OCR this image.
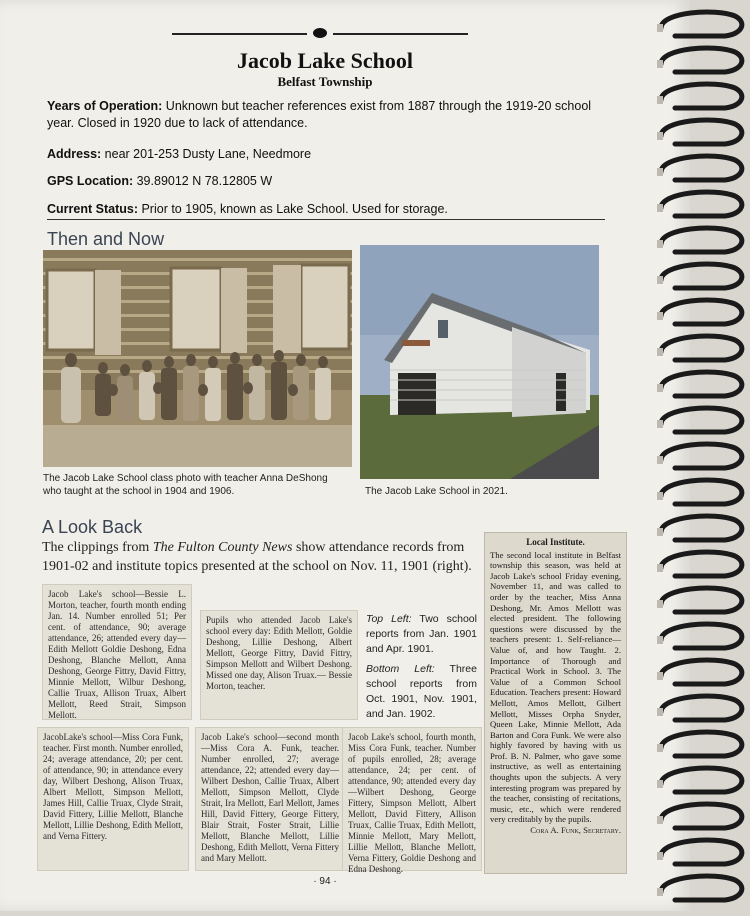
Jacob Lake School
Belfast Township
Years of Operation: Unknown but teacher references exist from 1887 through the 1919-20 school year. Closed in 1920 due to lack of attendance.
Address: near 201-253 Dusty Lane, Needmore
GPS Location: 39.89012 N 78.12805 W
Current Status: Prior to 1905, known as Lake School. Used for storage.
Then and Now
The Jacob Lake School class photo with teacher Anna DeShong who taught at the school in 1904 and 1906.	The Jacob Lake School in 2021.
A Look Back
The clippings from The Fulton County News show attendance records from 1901-02 and institute topics presented at the school on Nov. 11, 1901 (right).
Jacob Lake's school—Bessie L. Morton, teacher, fourth month ending Jan. 14. Number enrolled 51; Per cent. of attendance, 90; average attendance, 26; attended every day—Edith Mellott Goldie Deshong, Edna Deshong, Blanche Mellott, Anna Deshong, George Fittry, David Fittry, Minnie Mellott, Wilbur Deshong, Callie Truax, Allison Truax, Albert Mellott, Reed Strait, Simpson Mellott.
Pupils who attended Jacob Lake's school every day: Edith Mellott, Goldie Deshong, Lillie Deshong, Albert Mellott, George Fittry, David Fittry, Simpson Mellott and Wilbert Deshong. Missed one day, Alison Truax.— Bessie Morton, teacher.
Top Left: Two school reports from Jan. 1901 and Apr. 1901.
Bottom Left: Three school reports from Oct. 1901, Nov. 1901, and Jan. 1902.
JacobLake's school—Miss Cora Funk, teacher. First month. Number enrolled, 24; average attendance, 20; per cent. of attendance, 90; in attendance every day, Wilbert Deshong, Alison Truax, Albert Mellott, Simpson Mellott, James Hill, Callie Truax, Clyde Strait, David Fittery, Lillie Mellott, Blanche Mellott, Lillie Deshong, Edith Mellott, and Verna Fittery.
Jacob Lake's school—second month—Miss Cora A. Funk, teacher. Number enrolled, 27; average attendance, 22; attended every day—Wilbert Deshon, Callie Truax, Albert Mellott, Simpson Mellott, Clyde Strait, Ira Mellott, Earl Mellott, James Hill, David Fittery, George Fittery, Blair Strait, Foster Strait, Lillie Mellott, Blanche Mellott, Lillie Deshong, Edith Mellott, Verna Fittery and Mary Mellott.
Jacob Lake's school, fourth month, Miss Cora Funk, teacher. Number of pupils enrolled, 28; average attendance, 24; per cent. of attendance, 90; attended every day—Wilbert Deshong, George Fittery, Simpson Mellott, Albert Mellott, David Fittery, Allison Truax, Callie Truax, Edith Mellott, Minnie Mellott, Mary Mellott, Lillie Mellott, Blanche Mellott, Verna Fittery, Goldie Deshong and Edna Deshong.
Local Institute.
The second local institute in Belfast township this season, was held at Jacob Lake's school Friday evening, November 11, and was called to order by the teacher, Miss Anna Deshong, Mr. Amos Mellott was elected president. The following questions were discussed by the teachers present: 1. Self-reliance—Value of, and how Taught. 2. Importance of Thorough and Practical Work in School. 3. The Value of a Common School Education. Teachers present: Howard Mellott, Amos Mellott, Gilbert Mellott, Misses Orpha Snyder, Queen Lake, Minnie Mellott, Ada Barton and Cora Funk. We were also highly favored by having with us Prof. B. N. Palmer, who gave some instructive, as well as entertaining thoughts upon the subjects. A very interesting program was prepared by the teacher, consisting of recitations, music, etc., which were rendered very creditably by the pupils.
Cora A. Funk, Secretary.
· 94 ·
